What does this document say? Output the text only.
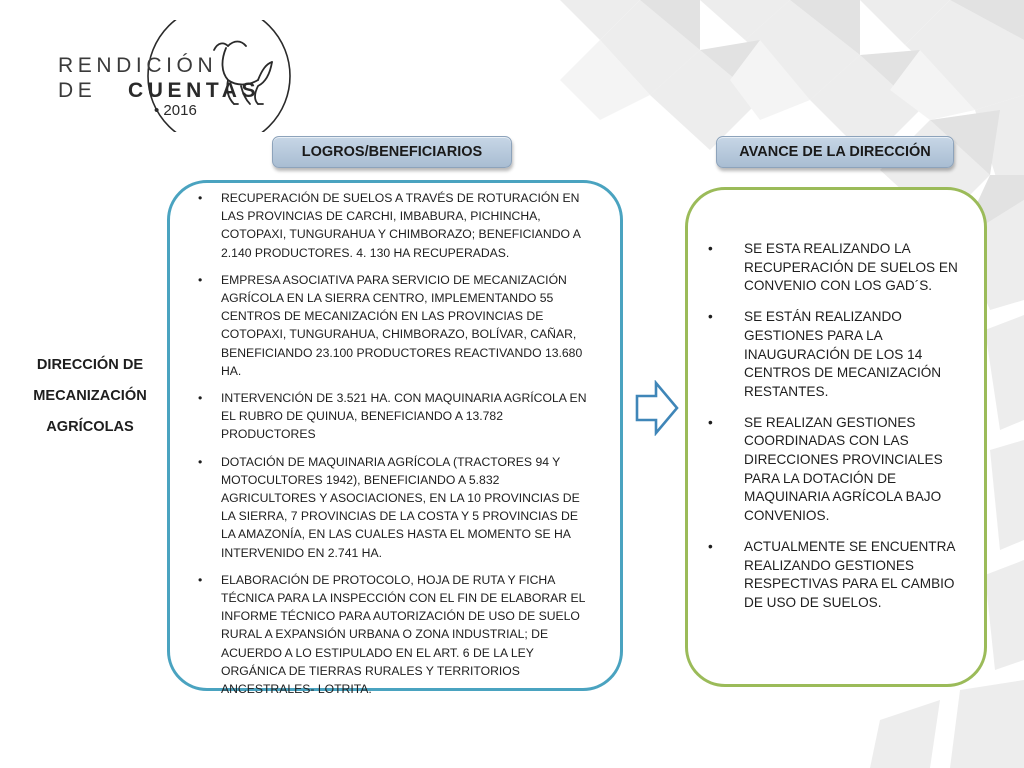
RENDICIÓN
DE CUENTAS
• 2016
LOGROS/BENEFICIARIOS	AVANCE DE LA DIRECCIÓN
DIRECCIÓN DE
MECANIZACIÓN
AGRÍCOLAS
• RECUPERACIÓN DE SUELOS A TRAVÉS DE ROTURACIÓN EN LAS PROVINCIAS DE CARCHI, IMBABURA, PICHINCHA, COTOPAXI, TUNGURAHUA Y CHIMBORAZO; BENEFICIANDO A 2.140 PRODUCTORES. 4. 130 HA RECUPERADAS.
• EMPRESA ASOCIATIVA PARA SERVICIO DE MECANIZACIÓN AGRÍCOLA EN LA SIERRA CENTRO, IMPLEMENTANDO 55 CENTROS DE MECANIZACIÓN EN LAS PROVINCIAS DE COTOPAXI, TUNGURAHUA, CHIMBORAZO, BOLÍVAR, CAÑAR, BENEFICIANDO 23.100 PRODUCTORES REACTIVANDO 13.680 HA.
• INTERVENCIÓN DE 3.521 HA. CON MAQUINARIA AGRÍCOLA EN EL RUBRO DE QUINUA, BENEFICIANDO A 13.782 PRODUCTORES
• DOTACIÓN DE MAQUINARIA AGRÍCOLA (TRACTORES 94 Y MOTOCULTORES 1942), BENEFICIANDO A 5.832 AGRICULTORES Y ASOCIACIONES, EN LA 10 PROVINCIAS DE LA SIERRA, 7 PROVINCIAS DE LA COSTA Y 5 PROVINCIAS DE LA AMAZONÍA, EN LAS CUALES HASTA EL MOMENTO SE HA INTERVENIDO EN 2.741 HA.
• ELABORACIÓN DE PROTOCOLO, HOJA DE RUTA Y FICHA TÉCNICA PARA LA INSPECCIÓN CON EL FIN DE ELABORAR EL INFORME TÉCNICO PARA AUTORIZACIÓN DE USO DE SUELO RURAL A EXPANSIÓN URBANA O ZONA INDUSTRIAL; DE ACUERDO A LO ESTIPULADO EN EL ART. 6 DE LA LEY ORGÁNICA DE TIERRAS RURALES Y TERRITORIOS ANCESTRALES- LOTRITA.
• SE ESTA REALIZANDO LA RECUPERACIÓN DE SUELOS EN CONVENIO CON LOS GAD´S.
• SE ESTÁN REALIZANDO GESTIONES PARA LA INAUGURACIÓN DE LOS 14 CENTROS DE MECANIZACIÓN RESTANTES.
• SE REALIZAN GESTIONES COORDINADAS CON LAS DIRECCIONES PROVINCIALES PARA LA DOTACIÓN DE MAQUINARIA AGRÍCOLA BAJO CONVENIOS.
• ACTUALMENTE SE ENCUENTRA REALIZANDO GESTIONES RESPECTIVAS PARA EL CAMBIO DE USO DE SUELOS.
